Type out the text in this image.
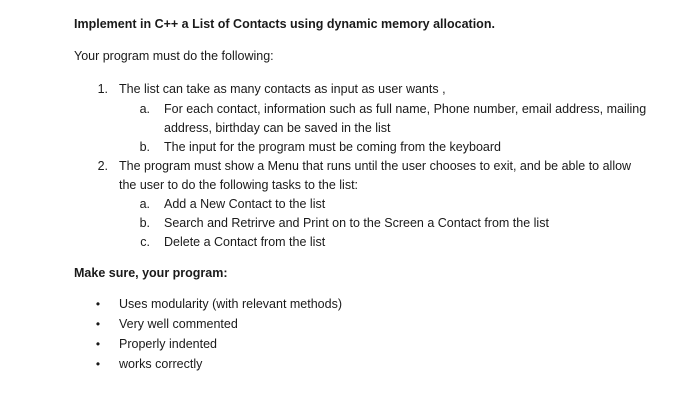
Implement in C++ a List of Contacts using dynamic memory allocation.
Your program must do the following:
1. The list can take as many contacts as input as user wants ,
a. For each contact, information such as full name, Phone number, email address, mailing
address, birthday can be saved in the list
b. The input for the program must be coming from the keyboard
2. The program must show a Menu that runs until the user chooses to exit, and be able to allow
the user to do the following tasks to the list:
a. Add a New Contact to the list
b. Search and Retrirve and Print on to the Screen a Contact from the list
c. Delete a Contact from the list
Make sure, your program:
• Uses modularity (with relevant methods)
• Very well commented
• Properly indented
• works correctly
